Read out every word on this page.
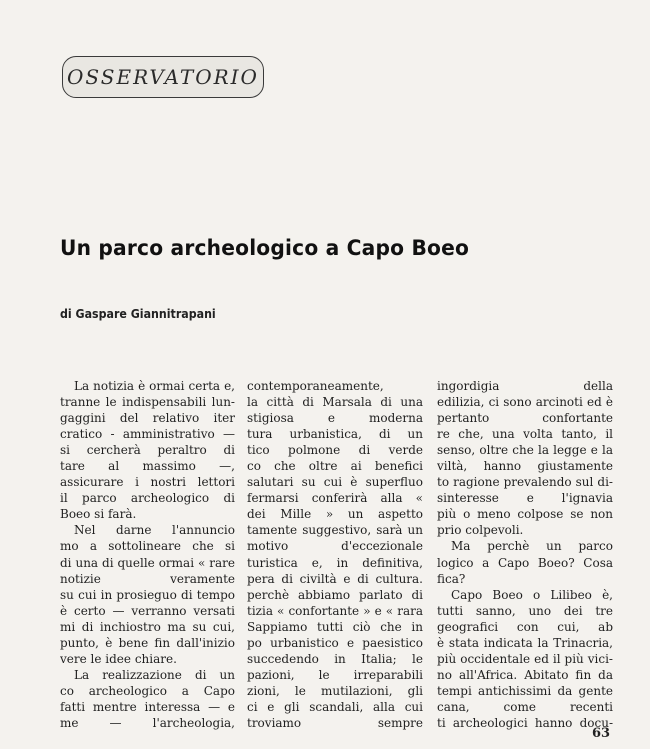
OSSERVATORIO
Un parco archeologico a Capo Boeo
di Gaspare Giannitrapani
La notizia è ormai certa e,
tranne le indispensabili lun-
gaggini del relativo iter
cratico - amministrativo —
si cercherà peraltro di
tare al massimo —,
assicurare i nostri lettori
il parco archeologico di
Boeo si farà.
Nel darne l'annuncio
mo a sottolineare che si
di una di quelle ormai « rare
notizie veramente
su cui in prosieguo di tempo
è certo — verranno versati
mi di inchiostro ma su cui,
punto, è bene fin dall'inizio
vere le idee chiare.
La realizzazione di un
co archeologico a Capo
fatti mentre interessa — e
me — l'archeologia,
contemporaneamente,
la città di Marsala di una
stigiosa e moderna
tura urbanistica, di un
tico polmone di verde
co che oltre ai benefici
salutari su cui è superfluo
fermarsi conferirà alla «
dei Mille » un aspetto
tamente suggestivo, sarà un
motivo d'eccezionale
turistica e, in definitiva,
pera di civiltà e di cultura.
perchè abbiamo parlato di
tizia « confortante » e « rara
Sappiamo tutti ciò che in
po urbanistico e paesistico
succedendo in Italia; le
pazioni, le irreparabili
zioni, le mutilazioni, gli
ci e gli scandali, alla cui
troviamo sempre
ingordigia della
edilizia, ci sono arcinoti ed è
pertanto confortante
re che, una volta tanto, il
senso, oltre che la legge e la
viltà, hanno giustamente
to ragione prevalendo sul di-
sinteresse e l'ignavia
più o meno colpose se non
prio colpevoli.
Ma perchè un parco
logico a Capo Boeo? Cosa
fica?
Capo Boeo o Lilibeo è,
tutti sanno, uno dei tre
geografici con cui, ab
è stata indicata la Trinacria,
più occidentale ed il più vici-
no all'Africa. Abitato fin da
tempi antichissimi da gente
cana, come recenti
ti archeologici hanno docu-
63
